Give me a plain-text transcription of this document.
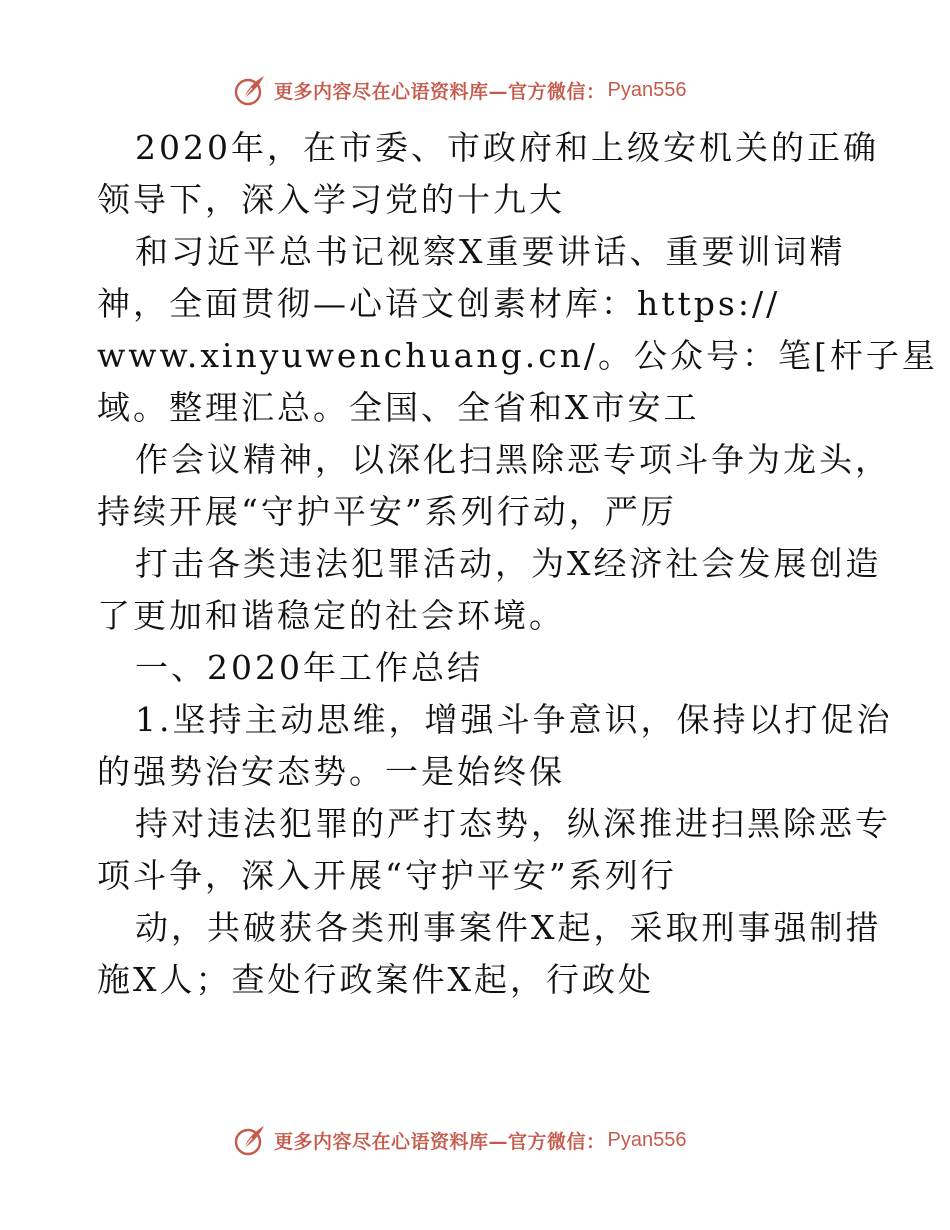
更多内容尽在心语资料库—官方微信： Pyan556
2020年，在市委、市政府和上级安机关的正确
领导下，深入学习党的十九大
和习近平总书记视察X重要讲话、重要训词精
神，全面贯彻—心语文创素材库：https://
www.xinyuwenchuang.cn/。公众号：笔[杆子星
域。整理汇总。全国、全省和X市安工
作会议精神，以深化扫黑除恶专项斗争为龙头，
持续开展“守护平安”系列行动，严厉
打击各类违法犯罪活动，为X经济社会发展创造
了更加和谐稳定的社会环境。
一、2020年工作总结
1.坚持主动思维，增强斗争意识，保持以打促治
的强势治安态势。一是始终保
持对违法犯罪的严打态势，纵深推进扫黑除恶专
项斗争，深入开展“守护平安”系列行
动，共破获各类刑事案件X起，采取刑事强制措
施X人；查处行政案件X起，行政处
更多内容尽在心语资料库—官方微信： Pyan556
